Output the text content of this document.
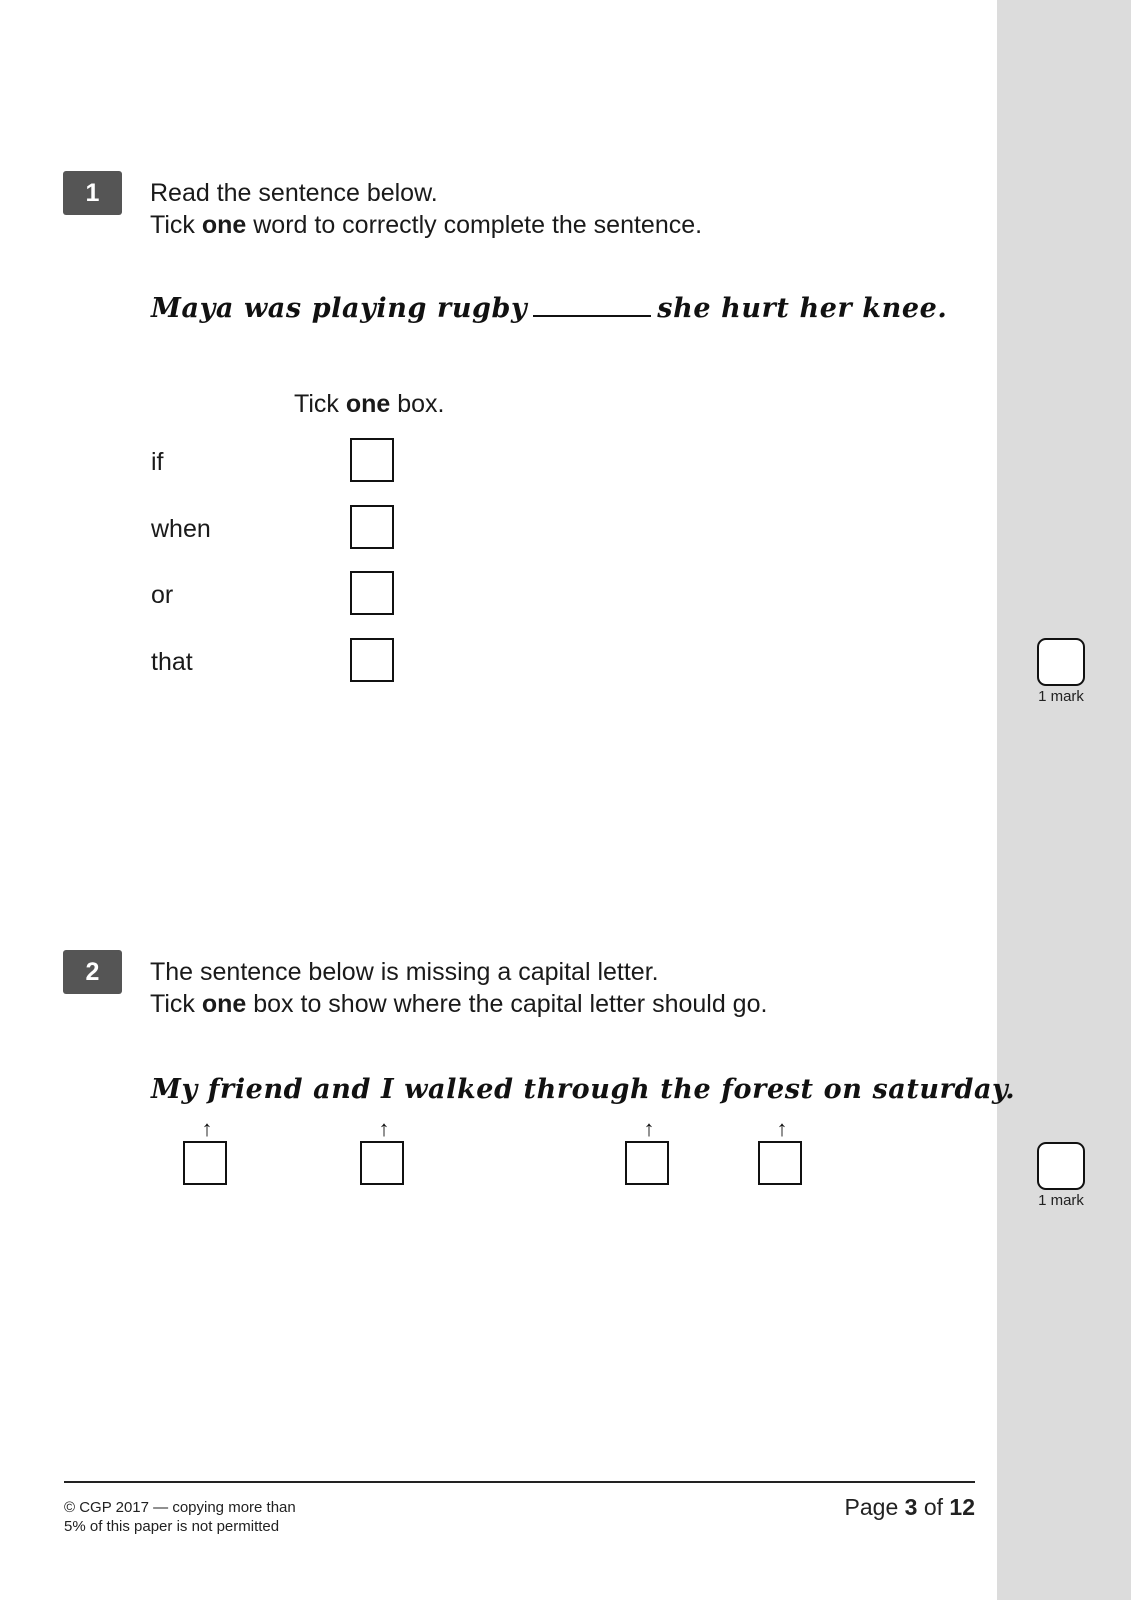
1	Read the sentence below.
Tick one word to correctly complete the sentence.
Maya was playing rugby	she hurt her knee.
Tick one box.
if
when
or
that
1 mark
2	The sentence below is missing a capital letter.
Tick one box to show where the capital letter should go.
My friend and I walked through the forest on saturday.
↑	↑	↑	↑
1 mark
© CGP 2017 — copying more than
5% of this paper is not permitted
Page 3 of 12
